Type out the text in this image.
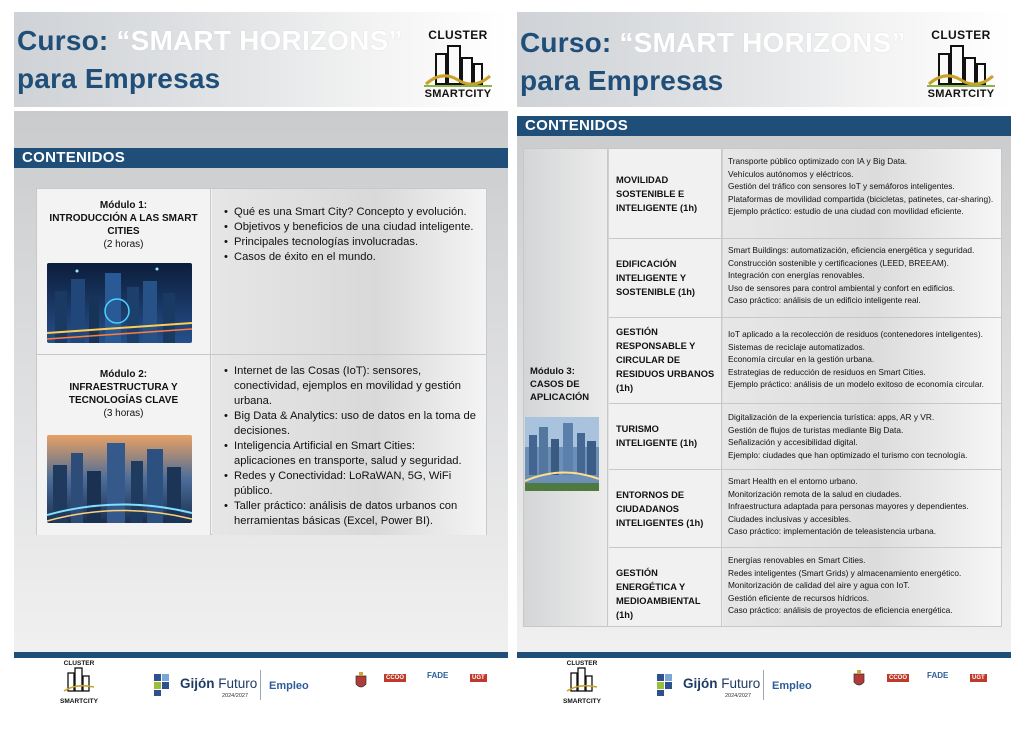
Curso: “SMART HORIZONS”
para Empresas
CLUSTER
SMARTCITY
CONTENIDOS
Módulo 1:
INTRODUCCIÓN A LAS SMART CITIES
(2 horas)
• Qué es una Smart City? Concepto y evolución.
• Objetivos y beneficios de una ciudad inteligente.
• Principales tecnologías involucradas.
• Casos de éxito en el mundo.
Módulo 2:
INFRAESTRUCTURA Y TECNOLOGÍAS CLAVE
(3 horas)
• Internet de las Cosas (IoT): sensores, conectividad, ejemplos en movilidad y gestión urbana.
• Big Data & Analytics: uso de datos en la toma de decisiones.
• Inteligencia Artificial en Smart Cities: aplicaciones en transporte, salud y seguridad.
• Redes y Conectividad: LoRaWAN, 5G, WiFi público.
• Taller práctico: análisis de datos urbanos con herramientas básicas (Excel, Power BI).
CLUSTER
SMARTCITY
Gijón Futuro
2024/2027
Empleo
CCOO	FADE	UGT
Curso: “SMART HORIZONS”
para Empresas
CLUSTER
SMARTCITY
CONTENIDOS
Módulo 3:
CASOS DE
APLICACIÓN
MOVILIDAD SOSTENIBLE E INTELIGENTE (1h)
Transporte público optimizado con IA y Big Data.
Vehículos autónomos y eléctricos.
Gestión del tráfico con sensores IoT y semáforos inteligentes.
Plataformas de movilidad compartida (bicicletas, patinetes, car-sharing).
Ejemplo práctico: estudio de una ciudad con movilidad eficiente.
EDIFICACIÓN INTELIGENTE Y SOSTENIBLE (1h)
Smart Buildings: automatización, eficiencia energética y seguridad.
Construcción sostenible y certificaciones (LEED, BREEAM).
Integración con energías renovables.
Uso de sensores para control ambiental y confort en edificios.
Caso práctico: análisis de un edificio inteligente real.
GESTIÓN RESPONSABLE Y CIRCULAR DE RESIDUOS URBANOS (1h)
IoT aplicado a la recolección de residuos (contenedores inteligentes).
Sistemas de reciclaje automatizados.
Economía circular en la gestión urbana.
Estrategias de reducción de residuos en Smart Cities.
Ejemplo práctico: análisis de un modelo exitoso de economía circular.
TURISMO INTELIGENTE (1h)
Digitalización de la experiencia turística: apps, AR y VR.
Gestión de flujos de turistas mediante Big Data.
Señalización y accesibilidad digital.
Ejemplo: ciudades que han optimizado el turismo con tecnología.
ENTORNOS DE CIUDADANOS INTELIGENTES (1h)
Smart Health en el entorno urbano.
Monitorización remota de la salud en ciudades.
Infraestructura adaptada para personas mayores y dependientes.
Ciudades inclusivas y accesibles.
Caso práctico: implementación de teleasistencia urbana.
GESTIÓN ENERGÉTICA Y MEDIOAMBIENTAL (1h)
Energías renovables en Smart Cities.
Redes inteligentes (Smart Grids) y almacenamiento energético.
Monitorización de calidad del aire y agua con IoT.
Gestión eficiente de recursos hídricos.
Caso práctico: análisis de proyectos de eficiencia energética.
CLUSTER
SMARTCITY
Gijón Futuro
2024/2027
Empleo
CCOO	FADE	UGT
